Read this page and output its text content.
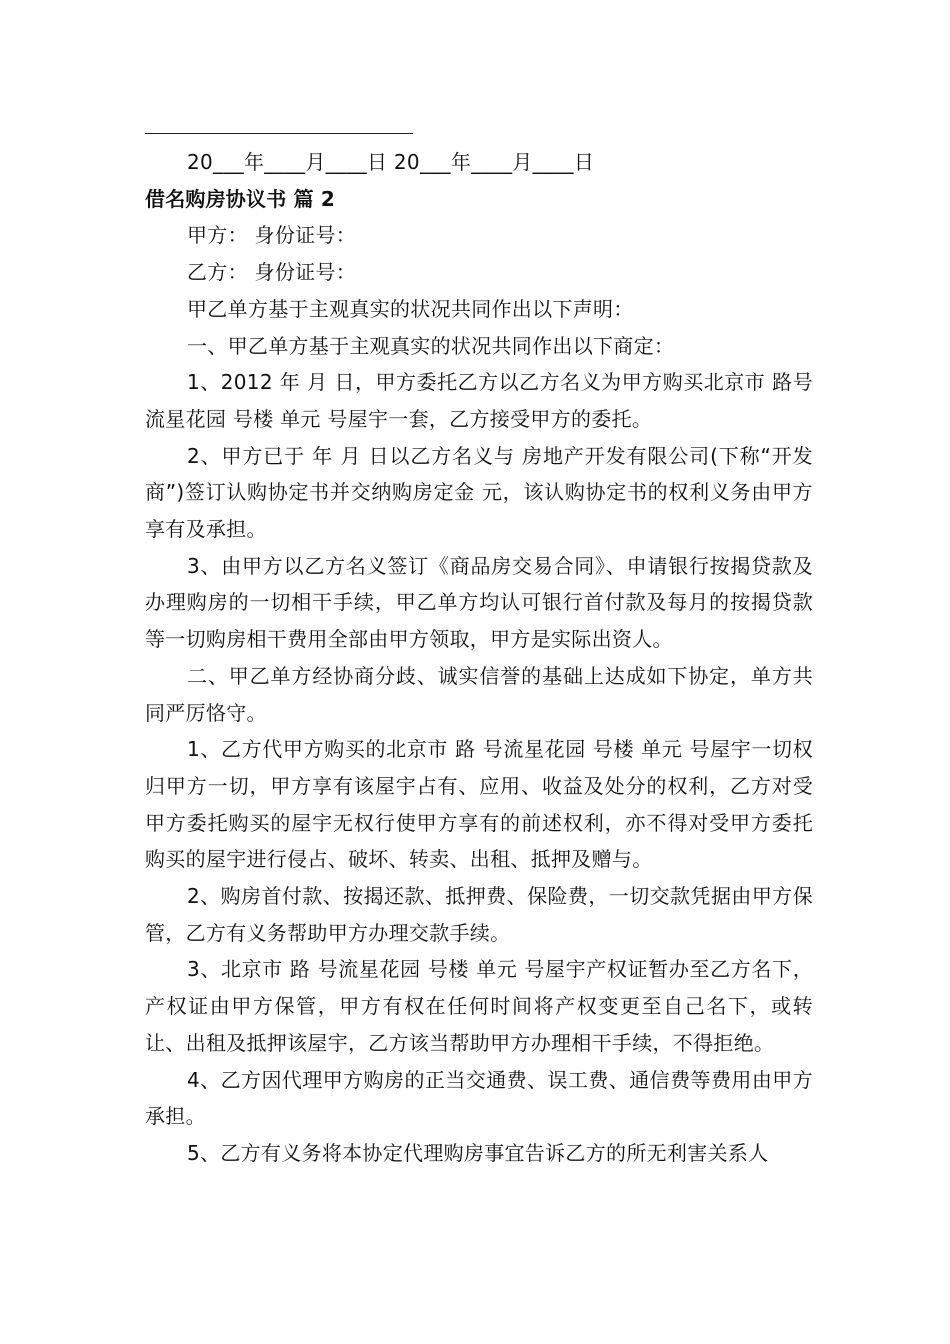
20___年____月____日 20___年____月____日

借名购房协议书 篇 2

甲方： 身份证号：

乙方： 身份证号：

甲乙单方基于主观真实的状况共同作出以下声明：

一、甲乙单方基于主观真实的状况共同作出以下商定：

1、2012 年 月 日，甲方委托乙方以乙方名义为甲方购买北京市 路号流星花园 号楼 单元 号屋宇一套，乙方接受甲方的委托。

2、甲方已于 年 月 日以乙方名义与 房地产开发有限公司(下称“开发商”)签订认购协定书并交纳购房定金 元，该认购协定书的权利义务由甲方享有及承担。

3、由甲方以乙方名义签订《商品房交易合同》、申请银行按揭贷款及办理购房的一切相干手续，甲乙单方均认可银行首付款及每月的按揭贷款等一切购房相干费用全部由甲方领取，甲方是实际出资人。

二、甲乙单方经协商分歧、诚实信誉的基础上达成如下协定，单方共同严厉恪守。

1、乙方代甲方购买的北京市 路 号流星花园 号楼 单元 号屋宇一切权归甲方一切，甲方享有该屋宇占有、应用、收益及处分的权利，乙方对受甲方委托购买的屋宇无权行使甲方享有的前述权利，亦不得对受甲方委托购买的屋宇进行侵占、破坏、转卖、出租、抵押及赠与。

2、购房首付款、按揭还款、抵押费、保险费，一切交款凭据由甲方保管，乙方有义务帮助甲方办理交款手续。

3、北京市 路 号流星花园 号楼 单元 号屋宇产权证暂办至乙方名下，产权证由甲方保管，甲方有权在任何时间将产权变更至自己名下，或转让、出租及抵押该屋宇，乙方该当帮助甲方办理相干手续，不得拒绝。

4、乙方因代理甲方购房的正当交通费、误工费、通信费等费用由甲方承担。

5、乙方有义务将本协定代理购房事宜告诉乙方的所无利害关系人
